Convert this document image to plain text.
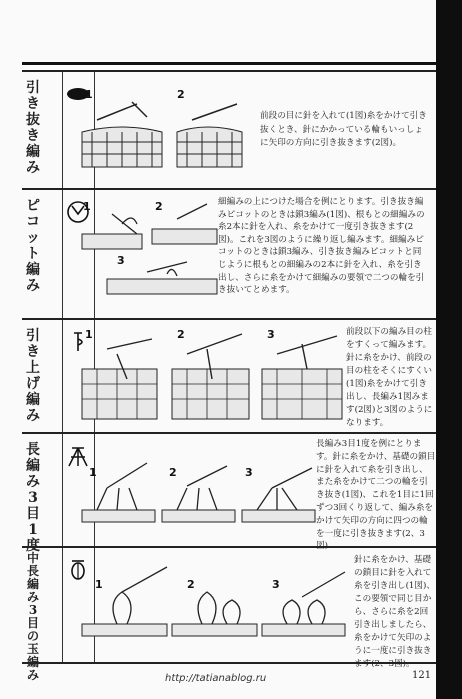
引き抜き編み
1	2
前段の目に針を入れて(1図)糸をかけて引き抜くとき、針にかかっている輪もいっしょに矢印の方向に引き抜きます(2図)。
ピコット編み
1	2
3
細編みの上につけた場合を例にとります。引き抜き編みピコットのときは鎖3編み(1図)、根もとの細編みの糸2本に針を入れ、糸をかけて一度引き抜きます(2図)。これを3図のように繰り返し編みます。細編みピコットのときは鎖3編み、引き抜き編みピコットと同じように根もとの細編みの2本に針を入れ、糸を引き出し、さらに糸をかけて細編みの要領で二つの輪を引き抜いてとめます。
引き上げ編み
1	2	3	前段以下の編み目の柱をすくって編みます。針に糸をかけ、前段の目の柱をそくにすくい(1図)糸をかけて引き出し、長編み1図みます(2図)と3図のようになります。
長編み3目1度
1	2	3
長編み3目1度を例にとります。針に糸をかけ、基礎の鎖目に針を入れて糸を引き出し、また糸をかけて二つの輪を引き抜き(1図)、これを1目に1回ずつ3回くり返して、編み糸をかけて矢印の方向に四つの輪を一度に引き抜きます(2、3図)
中長編み3目の玉編み
1	2	3
針に糸をかけ、基礎の鎖目に針を入れて糸を引き出し(1図)、この要領で同じ目から、さらに糸を2回引き出しましたら、糸をかけて矢印のように一度に引き抜きます(2、3図)。
http://tatianablog.ru	121
